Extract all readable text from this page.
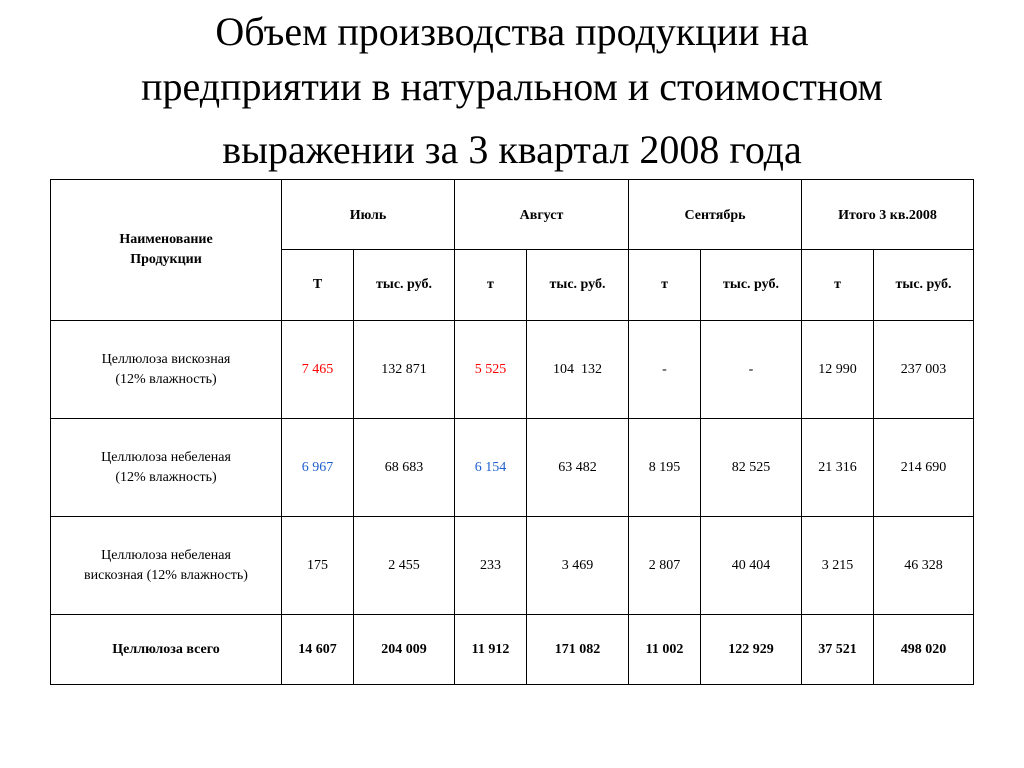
Объем производства продукции на
предприятии в натуральном и стоимостном
выражении за 3 квартал 2008 года
Наименование
Продукции	Июль		Август		Сентябрь		Итого 3 кв.2008	
	Т	тыс. руб.	т	тыс. руб.	т	тыс. руб.	т	тыс. руб.
Целлюлоза вискозная
(12% влажность)	7 465	132 871	5 525	104  132	-	-	12 990	237 003
Целлюлоза небеленая
(12% влажность)	6 967	68 683	6 154	63 482	8 195	82 525	21 316	214 690
Целлюлоза небеленая
вискозная (12% влажность)	175	2 455	233	3 469	2 807	40 404	3 215	46 328
Целлюлоза всего	14 607	204 009	11 912	171 082	11 002	122 929	37 521	498 020
